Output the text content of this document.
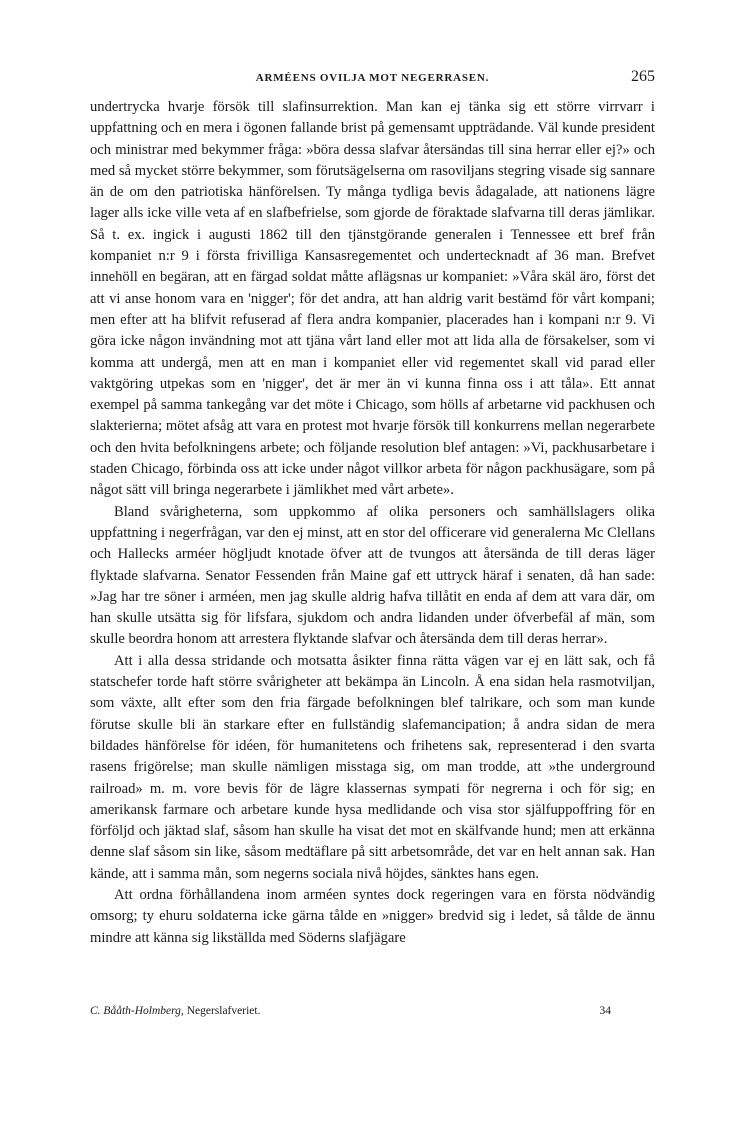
ARMÉENS OVILJA MOT NEGERRASEN.	265

undertrycka hvarje försök till slafinsurrektion. Man kan ej tänka sig ett större virrvarr i uppfattning och en mera i ögonen fallande brist på gemensamt uppträdande. Väl kunde president och ministrar med bekymmer fråga: »böra dessa slafvar återsändas till sina herrar eller ej?» och med så mycket större bekymmer, som förutsägelserna om rasoviljans stegring visade sig sannare än de om den patriotiska hänförelsen. Ty många tydliga bevis ådagalade, att nationens lägre lager alls icke ville veta af en slafbefrielse, som gjorde de föraktade slafvarna till deras jämlikar. Så t. ex. ingick i augusti 1862 till den tjänstgörande generalen i Tennessee ett bref från kompaniet n:r 9 i första frivilliga Kansasregementet och undertecknadt af 36 man. Brefvet innehöll en begäran, att en färgad soldat måtte aflägsnas ur kompaniet: »Våra skäl äro, först det att vi anse honom vara en 'nigger'; för det andra, att han aldrig varit bestämd för vårt kompani; men efter att ha blifvit refuserad af flera andra kompanier, placerades han i kompani n:r 9. Vi göra icke någon invändning mot att tjäna vårt land eller mot att lida alla de försakelser, som vi komma att undergå, men att en man i kompaniet eller vid regementet skall vid parad eller vaktgöring utpekas som en 'nigger', det är mer än vi kunna finna oss i att tåla». Ett annat exempel på samma tankegång var det möte i Chicago, som hölls af arbetarne vid packhusen och slakterierna; mötet afsåg att vara en protest mot hvarje försök till konkurrens mellan negerarbete och den hvita befolkningens arbete; och följande resolution blef antagen: »Vi, packhusarbetare i staden Chicago, förbinda oss att icke under något villkor arbeta för någon packhusägare, som på något sätt vill bringa negerarbete i jämlikhet med vårt arbete».

Bland svårigheterna, som uppkommo af olika personers och samhällslagers olika uppfattning i negerfrågan, var den ej minst, att en stor del officerare vid generalerna Mc Clellans och Hallecks arméer högljudt knotade öfver att de tvungos att återsända de till deras läger flyktade slafvarna. Senator Fessenden från Maine gaf ett uttryck häraf i senaten, då han sade: »Jag har tre söner i arméen, men jag skulle aldrig hafva tillåtit en enda af dem att vara där, om han skulle utsätta sig för lifsfara, sjukdom och andra lidanden under öfverbefäl af män, som skulle beordra honom att arrestera flyktande slafvar och återsända dem till deras herrar».

Att i alla dessa stridande och motsatta åsikter finna rätta vägen var ej en lätt sak, och få statschefer torde haft större svårigheter att bekämpa än Lincoln. Å ena sidan hela rasmotviljan, som växte, allt efter som den fria färgade befolkningen blef talrikare, och som man kunde förutse skulle bli än starkare efter en fullständig slafemancipation; å andra sidan de mera bildades hänförelse för idéen, för humanitetens och frihetens sak, representerad i den svarta rasens frigörelse; man skulle nämligen misstaga sig, om man trodde, att »the underground railroad» m. m. vore bevis för de lägre klassernas sympati för negrerna i och för sig; en amerikansk farmare och arbetare kunde hysa medlidande och visa stor själfuppoffring för en förföljd och jäktad slaf, såsom han skulle ha visat det mot en skälfvande hund; men att erkänna denne slaf såsom sin like, såsom medtäflare på sitt arbetsområde, det var en helt annan sak. Han kände, att i samma mån, som negerns sociala nivå höjdes, sänktes hans egen.

Att ordna förhållandena inom arméen syntes dock regeringen vara en första nödvändig omsorg; ty ehuru soldaterna icke gärna tålde en »nigger» bredvid sig i ledet, så tålde de ännu mindre att känna sig likställda med Söderns slafjägare

C. Bååth-Holmberg, Negerslafveriet.	34
